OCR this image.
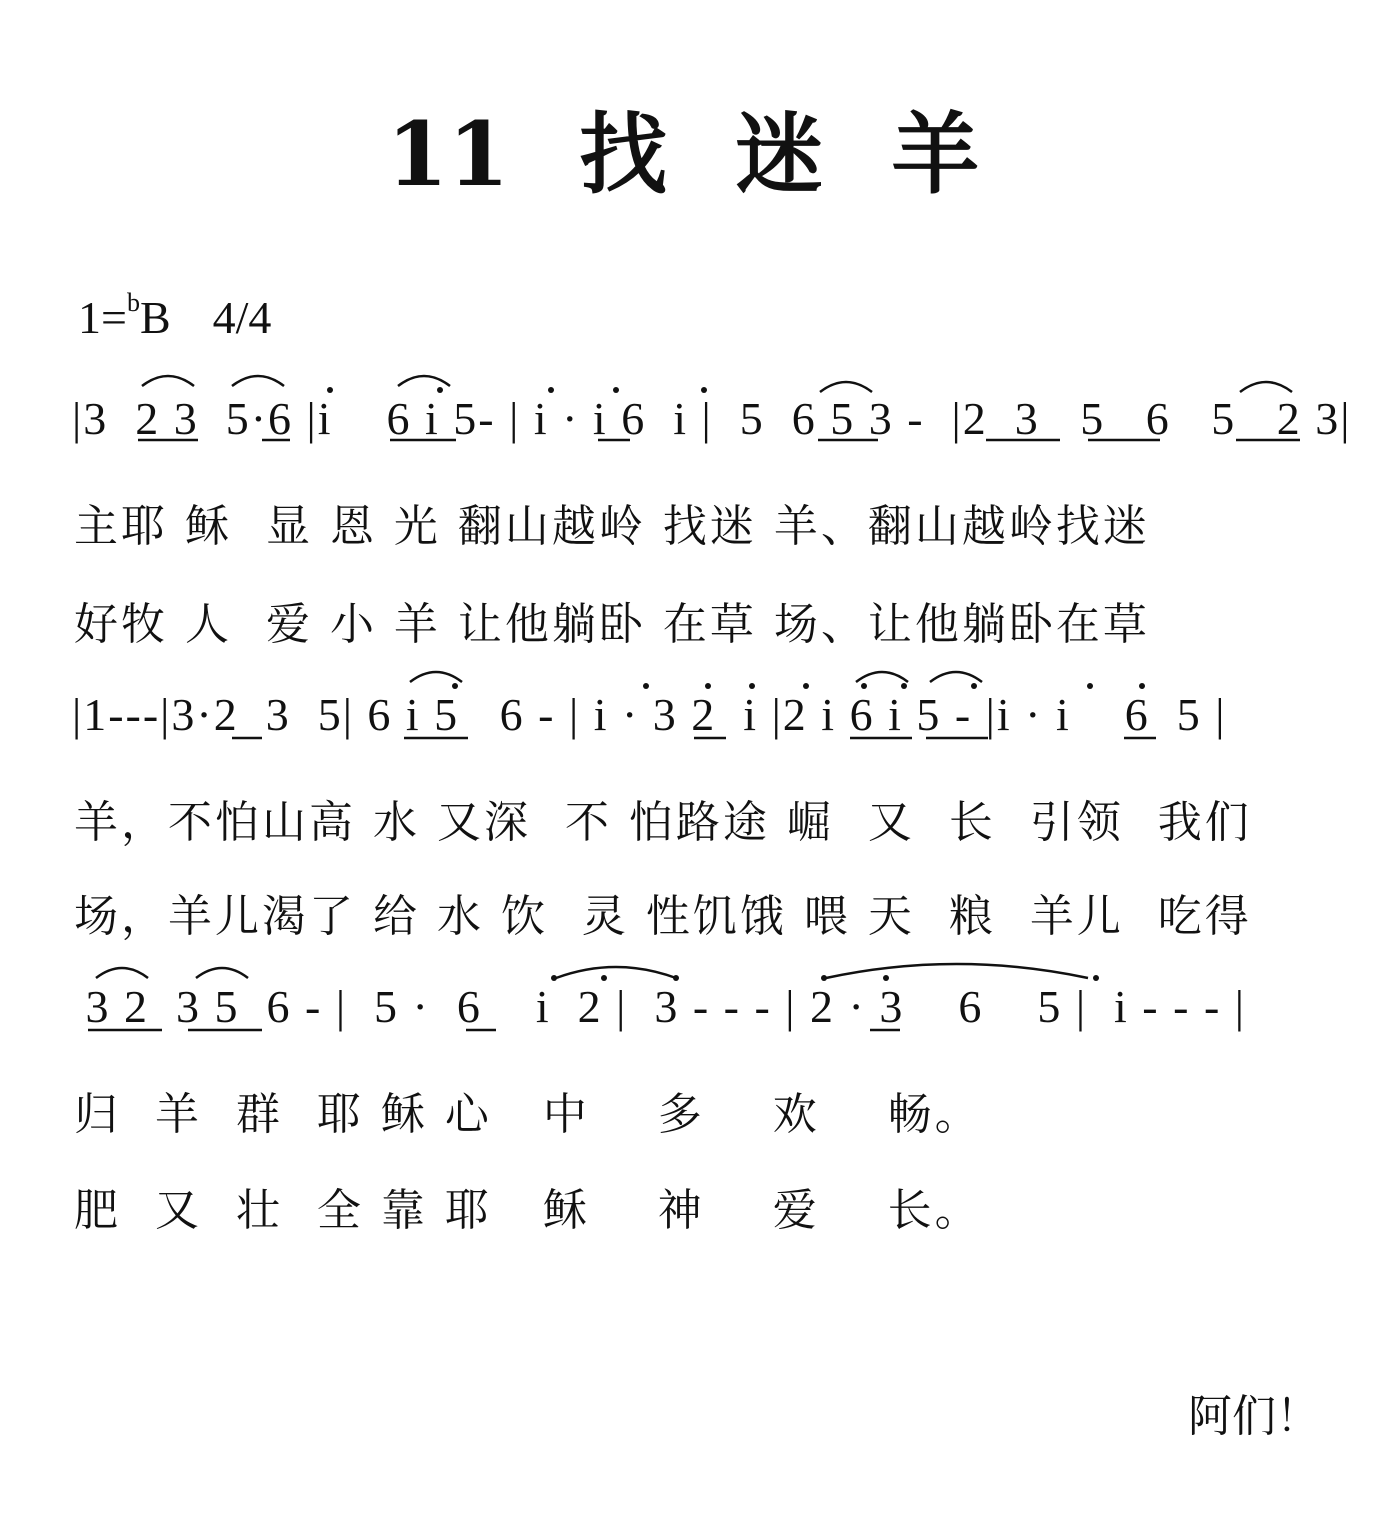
11 找 迷 羊
1=$^b$B 4/4
|3  2 3  5·6 |i    6 i 5- | i · i 6  i |  5  6 5 3 -  |2  3   5   6   5   2 3|
主耶 稣  显 恩 光 翻山越岭 找迷 羊、翻山越岭找迷
好牧 人  爱 小 羊 让他躺卧 在草 场、让他躺卧在草
|1---|3·2  3  5| 6 i 5   6 - | i · 3 2  i |2 i 6 i 5 - |i · i    6  5 |
羊，不怕山高 水 又深  不 怕路途 崛  又  长  引领  我们
场，羊儿渴了 给 水 饮  灵 性饥饿 喂 天  粮  羊儿  吃得
3 2  3 5  6 - |  5 ·  6    i  2 |  3 - - - | 2 · 3    6    5 |  i - - - |
归  羊  群  耶 稣 心   中    多    欢    畅。
肥  又  壮  全 靠 耶   稣    神    爱    长。
阿们！
